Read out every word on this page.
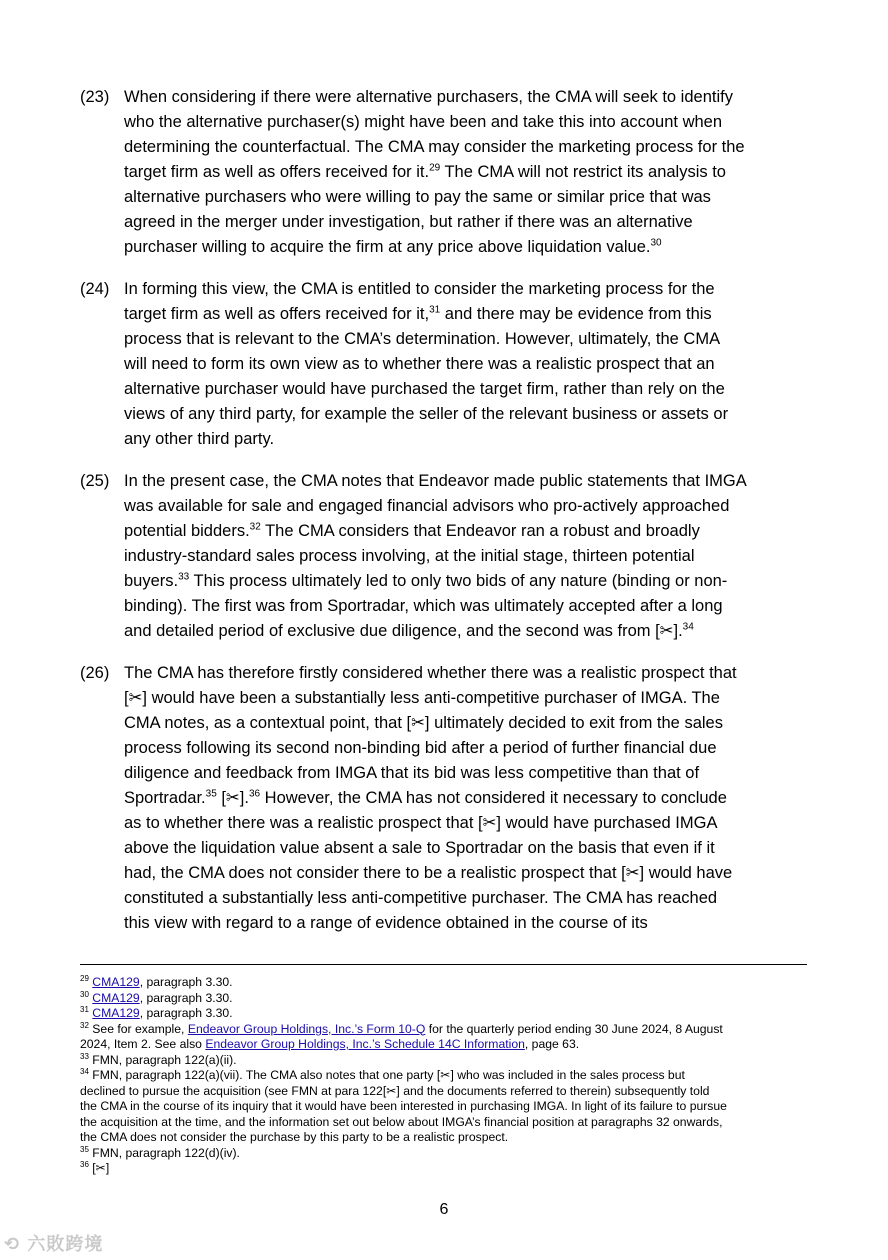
(23) When considering if there were alternative purchasers, the CMA will seek to identify
who the alternative purchaser(s) might have been and take this into account when
determining the counterfactual. The CMA may consider the marketing process for the
target firm as well as offers received for it.$^{29}$ The CMA will not restrict its analysis to
alternative purchasers who were willing to pay the same or similar price that was
agreed in the merger under investigation, but rather if there was an alternative
purchaser willing to acquire the firm at any price above liquidation value.$^{30}$
(24) In forming this view, the CMA is entitled to consider the marketing process for the
target firm as well as offers received for it,$^{31}$ and there may be evidence from this
process that is relevant to the CMA’s determination. However, ultimately, the CMA
will need to form its own view as to whether there was a realistic prospect that an
alternative purchaser would have purchased the target firm, rather than rely on the
views of any third party, for example the seller of the relevant business or assets or
any other third party.
(25) In the present case, the CMA notes that Endeavor made public statements that IMGA
was available for sale and engaged financial advisors who pro-actively approached
potential bidders.$^{32}$ The CMA considers that Endeavor ran a robust and broadly
industry-standard sales process involving, at the initial stage, thirteen potential
buyers.$^{33}$ This process ultimately led to only two bids of any nature (binding or non-
binding). The first was from Sportradar, which was ultimately accepted after a long
and detailed period of exclusive due diligence, and the second was from [✂].$^{34}$
(26) The CMA has therefore firstly considered whether there was a realistic prospect that
[✂] would have been a substantially less anti-competitive purchaser of IMGA. The
CMA notes, as a contextual point, that [✂] ultimately decided to exit from the sales
process following its second non-binding bid after a period of further financial due
diligence and feedback from IMGA that its bid was less competitive than that of
Sportradar.$^{35}$ [✂].$^{36}$ However, the CMA has not considered it necessary to conclude
as to whether there was a realistic prospect that [✂] would have purchased IMGA
above the liquidation value absent a sale to Sportradar on the basis that even if it
had, the CMA does not consider there to be a realistic prospect that [✂] would have
constituted a substantially less anti-competitive purchaser. The CMA has reached
this view with regard to a range of evidence obtained in the course of its
$^{29}$ CMA129, paragraph 3.30.
$^{30}$ CMA129, paragraph 3.30.
$^{31}$ CMA129, paragraph 3.30.
$^{32}$ See for example, Endeavor Group Holdings, Inc.’s Form 10-Q for the quarterly period ending 30 June 2024, 8 August
2024, Item 2. See also Endeavor Group Holdings, Inc.’s Schedule 14C Information, page 63.
$^{33}$ FMN, paragraph 122(a)(ii).
$^{34}$ FMN, paragraph 122(a)(vii). The CMA also notes that one party [✂] who was included in the sales process but
declined to pursue the acquisition (see FMN at para 122[✂] and the documents referred to therein) subsequently told
the CMA in the course of its inquiry that it would have been interested in purchasing IMGA. In light of its failure to pursue
the acquisition at the time, and the information set out below about IMGA’s financial position at paragraphs 32 onwards,
the CMA does not consider the purchase by this party to be a realistic prospect.
$^{35}$ FMN, paragraph 122(d)(iv).
$^{36}$ [✂]
6
⟲ 六敗跨境
